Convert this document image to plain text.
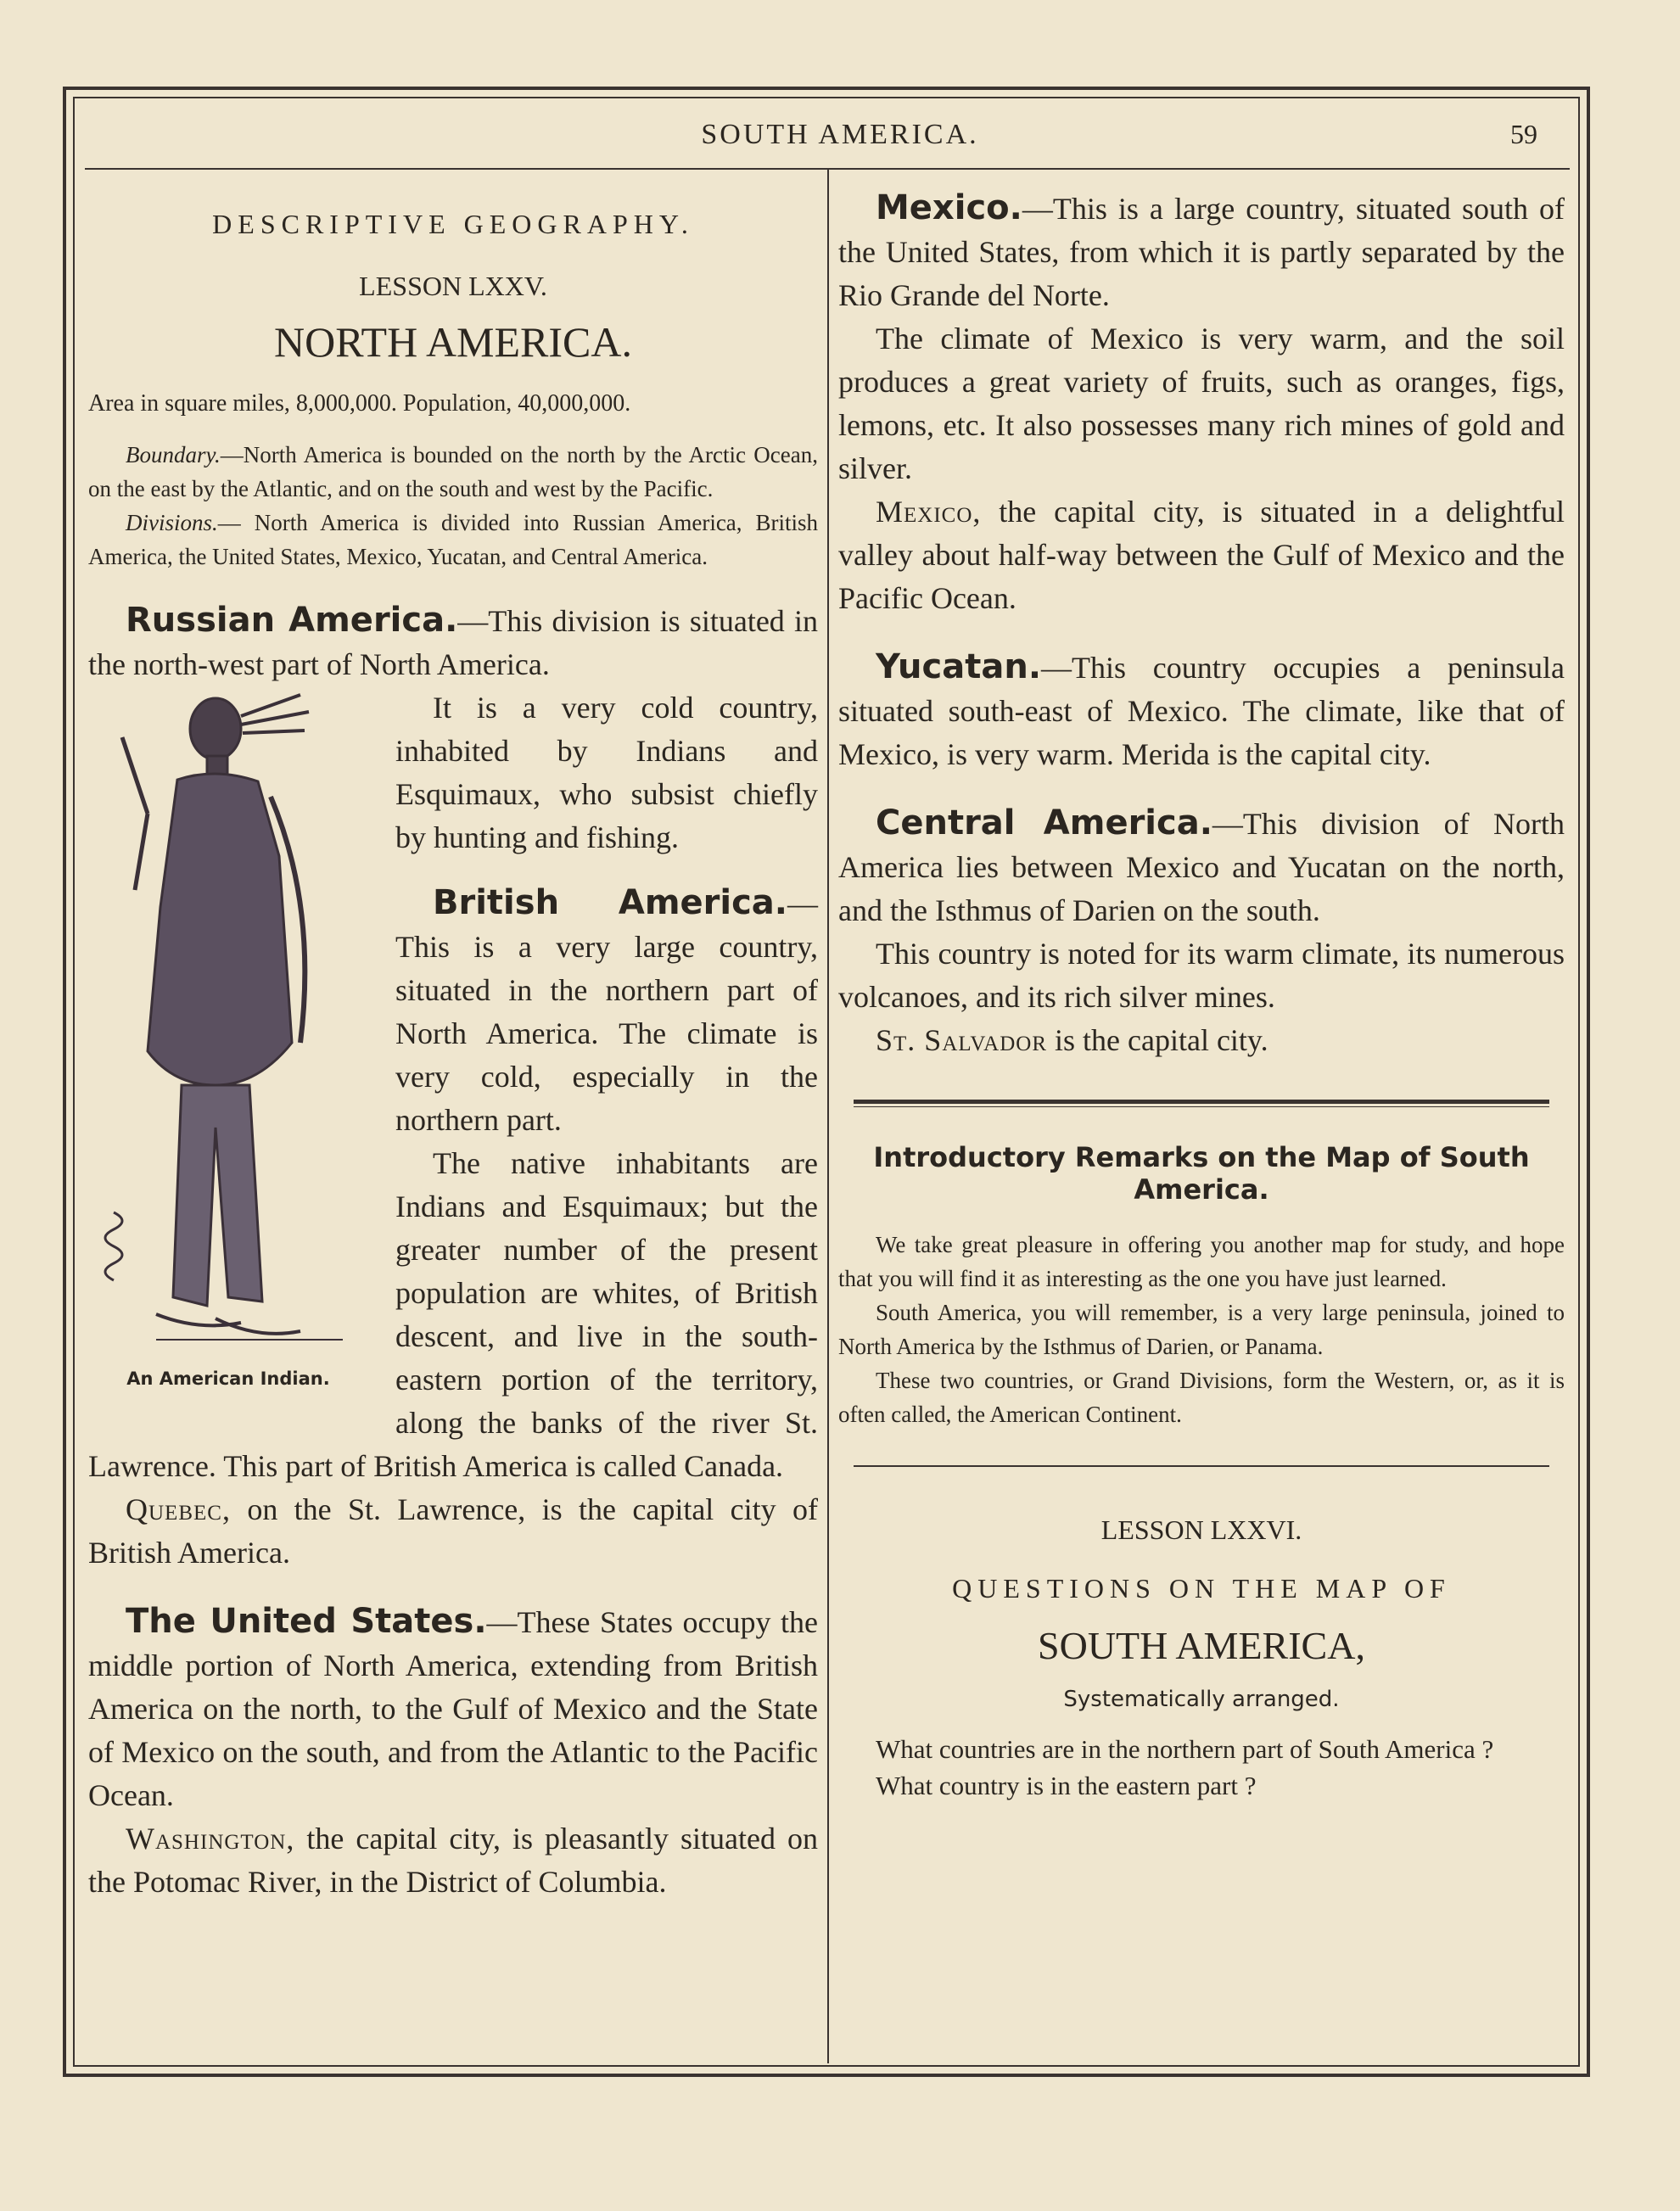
SOUTH AMERICA.	59
DESCRIPTIVE GEOGRAPHY.
LESSON LXXV.
NORTH AMERICA.

Area in square miles, 8,000,000. Population, 40,000,000.

Boundary.—North America is bounded on the north by the Arctic Ocean, on the east by the Atlantic, and on the south and west by the Pacific.

Divisions.— North America is divided into Russian America, British America, the United States, Mexico, Yucatan, and Central America.

Russian America.—This division is situated in the north-west part of North America.

An American Indian.

It is a very cold country, inhabited by Indians and Esquimaux, who subsist chiefly by hunting and fishing.

British America.—This is a very large country, situated in the northern part of North America. The climate is very cold, especially in the northern part.

The native inhabitants are Indians and Esquimaux; but the greater number of the present population are whites, of British descent, and live in the south-eastern portion of the territory, along the banks of the river St. Lawrence. This part of British America is called Canada.

Quebec, on the St. Lawrence, is the capital city of British America.

The United States.—These States occupy the middle portion of North America, extending from British America on the north, to the Gulf of Mexico and the State of Mexico on the south, and from the Atlantic to the Pacific Ocean.

Washington, the capital city, is pleasantly situated on the Potomac River, in the District of Columbia.

Mexico.—This is a large country, situated south of the United States, from which it is partly separated by the Rio Grande del Norte.

The climate of Mexico is very warm, and the soil produces a great variety of fruits, such as oranges, figs, lemons, etc. It also possesses many rich mines of gold and silver.

Mexico, the capital city, is situated in a delightful valley about half-way between the Gulf of Mexico and the Pacific Ocean.

Yucatan.—This country occupies a peninsula situated south-east of Mexico. The climate, like that of Mexico, is very warm. Merida is the capital city.

Central America.—This division of North America lies between Mexico and Yucatan on the north, and the Isthmus of Darien on the south.

This country is noted for its warm climate, its numerous volcanoes, and its rich silver mines.

St. Salvador is the capital city.

Introductory Remarks on the Map of South America.

We take great pleasure in offering you another map for study, and hope that you will find it as interesting as the one you have just learned.

South America, you will remember, is a very large peninsula, joined to North America by the Isthmus of Darien, or Panama.

These two countries, or Grand Divisions, form the Western, or, as it is often called, the American Continent.

LESSON LXXVI.
QUESTIONS ON THE MAP OF
SOUTH AMERICA,
Systematically arranged.

What countries are in the northern part of South America ?

What country is in the eastern part ?
